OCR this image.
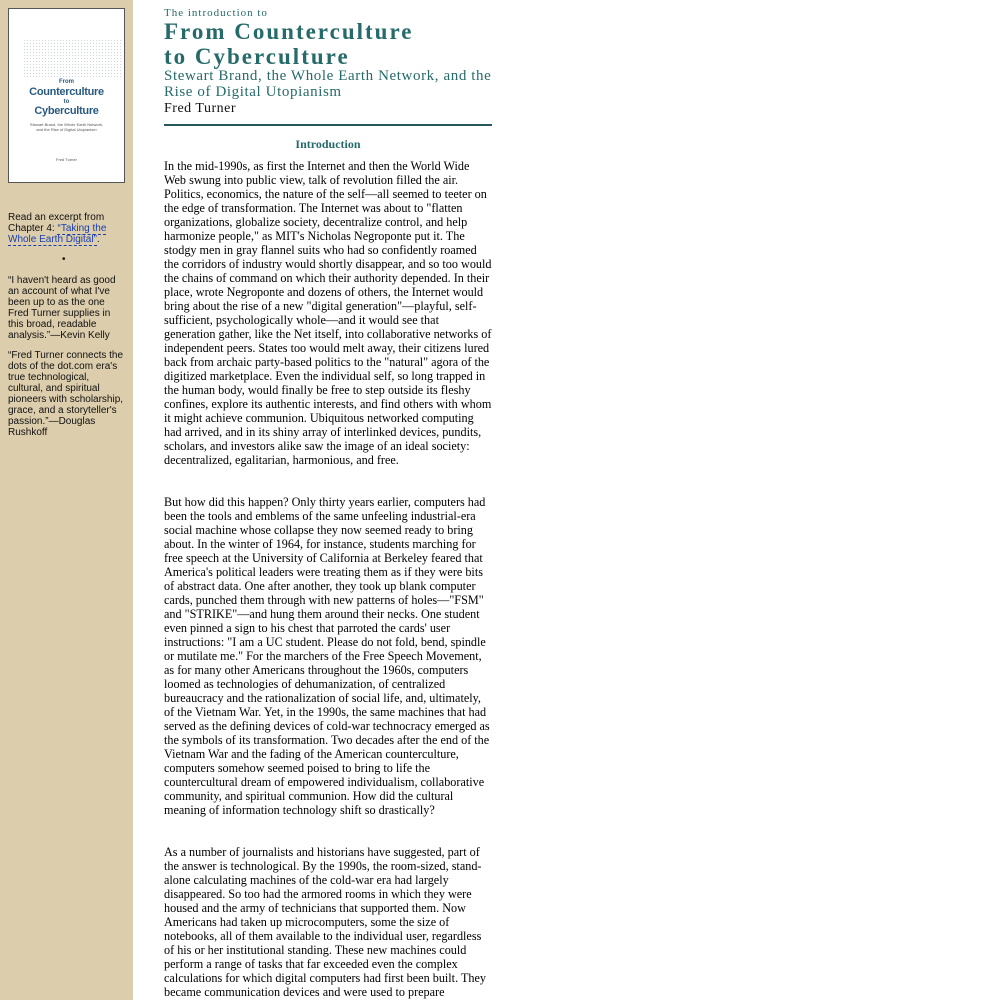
From
Counterculture
to
Cyberculture
Stewart Brand, the Whole Earth Network,
and the Rise of Digital Utopianism
Fred Turner
Read an excerpt from Chapter 4: “Taking the Whole Earth Digital”.
•
“I haven't heard as good an account of what I've been up to as the one Fred Turner supplies in this broad, readable analysis.”—Kevin Kelly
“Fred Turner connects the dots of the dot.com era's true technological, cultural, and spiritual pioneers with scholarship, grace, and a storyteller's passion.”—Douglas Rushkoff
The introduction to
From Counterculture
to Cyberculture
Stewart Brand, the Whole Earth Network, and the Rise of Digital Utopianism
Fred Turner
Introduction

In the mid-1990s, as first the Internet and then the World Wide Web swung into public view, talk of revolution filled the air. Politics, economics, the nature of the self—all seemed to teeter on the edge of transformation. The Internet was about to "flatten organizations, globalize society, decentralize control, and help harmonize people," as MIT's Nicholas Negroponte put it. The stodgy men in gray flannel suits who had so confidently roamed the corridors of industry would shortly disappear, and so too would the chains of command on which their authority depended. In their place, wrote Negroponte and dozens of others, the Internet would bring about the rise of a new "digital generation"—playful, self-sufficient, psychologically whole—and it would see that generation gather, like the Net itself, into collaborative networks of independent peers. States too would melt away, their citizens lured back from archaic party-based politics to the "natural" agora of the digitized marketplace. Even the individual self, so long trapped in the human body, would finally be free to step outside its fleshy confines, explore its authentic interests, and find others with whom it might achieve communion. Ubiquitous networked computing had arrived, and in its shiny array of interlinked devices, pundits, scholars, and investors alike saw the image of an ideal society: decentralized, egalitarian, harmonious, and free.

But how did this happen? Only thirty years earlier, computers had been the tools and emblems of the same unfeeling industrial-era social machine whose collapse they now seemed ready to bring about. In the winter of 1964, for instance, students marching for free speech at the University of California at Berkeley feared that America's political leaders were treating them as if they were bits of abstract data. One after another, they took up blank computer cards, punched them through with new patterns of holes—"FSM" and "STRIKE"—and hung them around their necks. One student even pinned a sign to his chest that parroted the cards' user instructions: "I am a UC student. Please do not fold, bend, spindle or mutilate me." For the marchers of the Free Speech Movement, as for many other Americans throughout the 1960s, computers loomed as technologies of dehumanization, of centralized bureaucracy and the rationalization of social life, and, ultimately, of the Vietnam War. Yet, in the 1990s, the same machines that had served as the defining devices of cold-war technocracy emerged as the symbols of its transformation. Two decades after the end of the Vietnam War and the fading of the American counterculture, computers somehow seemed poised to bring to life the countercultural dream of empowered individualism, collaborative community, and spiritual communion. How did the cultural meaning of information technology shift so drastically?

As a number of journalists and historians have suggested, part of the answer is technological. By the 1990s, the room-sized, stand-alone calculating machines of the cold-war era had largely disappeared. So too had the armored rooms in which they were housed and the army of technicians that supported them. Now Americans had taken up microcomputers, some the size of notebooks, all of them available to the individual user, regardless of his or her institutional standing. These new machines could perform a range of tasks that far exceeded even the complex calculations for which digital computers had first been built. They became communication devices and were used to prepare
